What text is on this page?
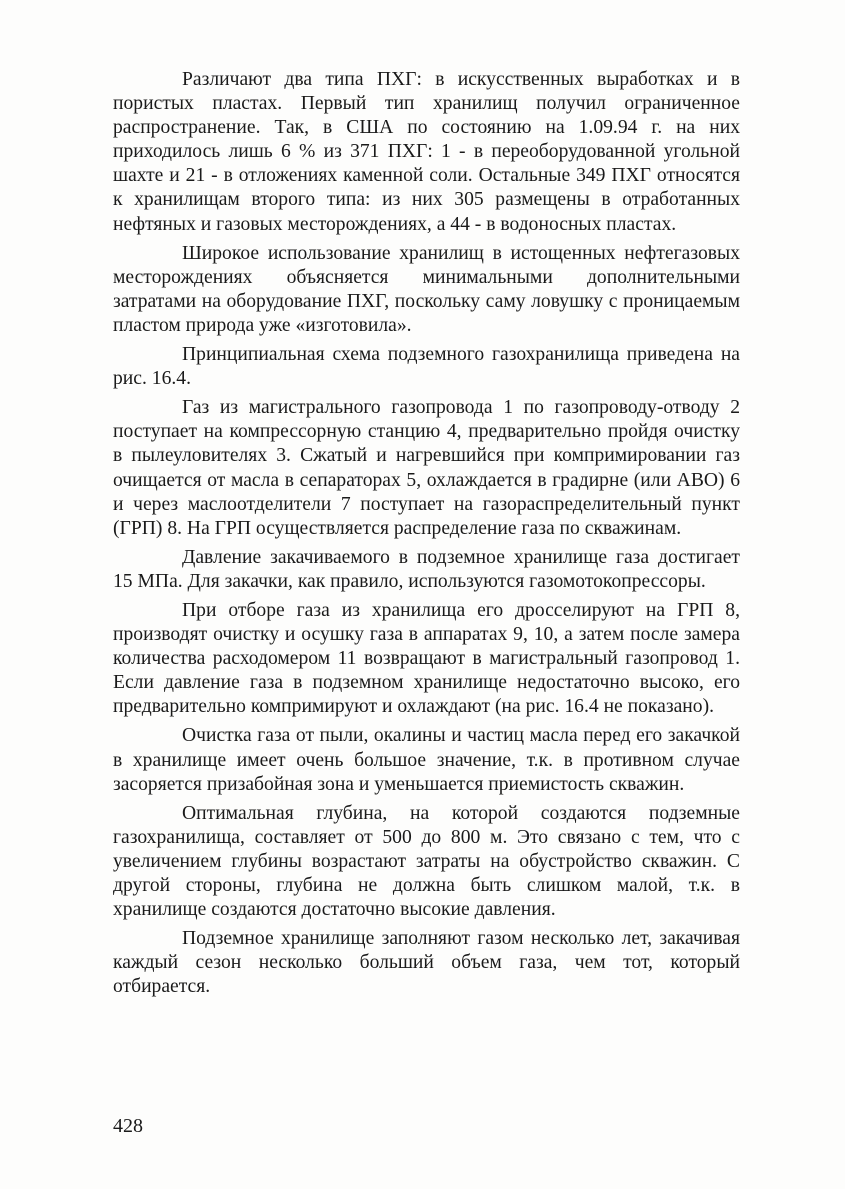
Различают два типа ПХГ: в искусственных выработках и в пористых пластах. Первый тип хранилищ получил ограниченное распространение. Так, в США по состоянию на 1.09.94 г. на них приходилось лишь 6 % из 371 ПХГ: 1 - в переоборудованной угольной шахте и 21 - в отложениях каменной соли. Остальные 349 ПХГ относятся к хранилищам второго типа: из них 305 размещены в отработанных нефтяных и газовых месторождениях, а 44 - в водоносных пластах.

Широкое использование хранилищ в истощенных нефтегазовых месторождениях объясняется минимальными дополнительными затратами на оборудование ПХГ, поскольку саму ловушку с проницаемым пластом природа уже «изготовила».

Принципиальная схема подземного газохранилища приведена на рис. 16.4.

Газ из магистрального газопровода 1 по газопроводу-отводу 2 поступает на компрессорную станцию 4, предварительно пройдя очистку в пылеуловителях 3. Сжатый и нагревшийся при компримировании газ очищается от масла в сепараторах 5, охлаждается в градирне (или АВО) 6 и через маслоотделители 7 поступает на газораспределительный пункт (ГРП) 8. На ГРП осуществляется распределение газа по скважинам.

Давление закачиваемого в подземное хранилище газа достигает 15 МПа. Для закачки, как правило, используются газомотокопрессоры.

При отборе газа из хранилища его дросселируют на ГРП 8, производят очистку и осушку газа в аппаратах 9, 10, а затем после замера количества расходомером 11 возвращают в магистральный газопровод 1. Если давление газа в подземном хранилище недостаточно высоко, его предварительно компримируют и охлаждают (на рис. 16.4 не показано).

Очистка газа от пыли, окалины и частиц масла перед его закачкой в хранилище имеет очень большое значение, т.к. в противном случае засоряется призабойная зона и уменьшается приемистость скважин.

Оптимальная глубина, на которой создаются подземные газохранилища, составляет от 500 до 800 м. Это связано с тем, что с увеличением глубины возрастают затраты на обустройство скважин. С другой стороны, глубина не должна быть слишком малой, т.к. в хранилище создаются достаточно высокие давления.

Подземное хранилище заполняют газом несколько лет, закачивая каждый сезон несколько больший объем газа, чем тот, который отбирается.

428
